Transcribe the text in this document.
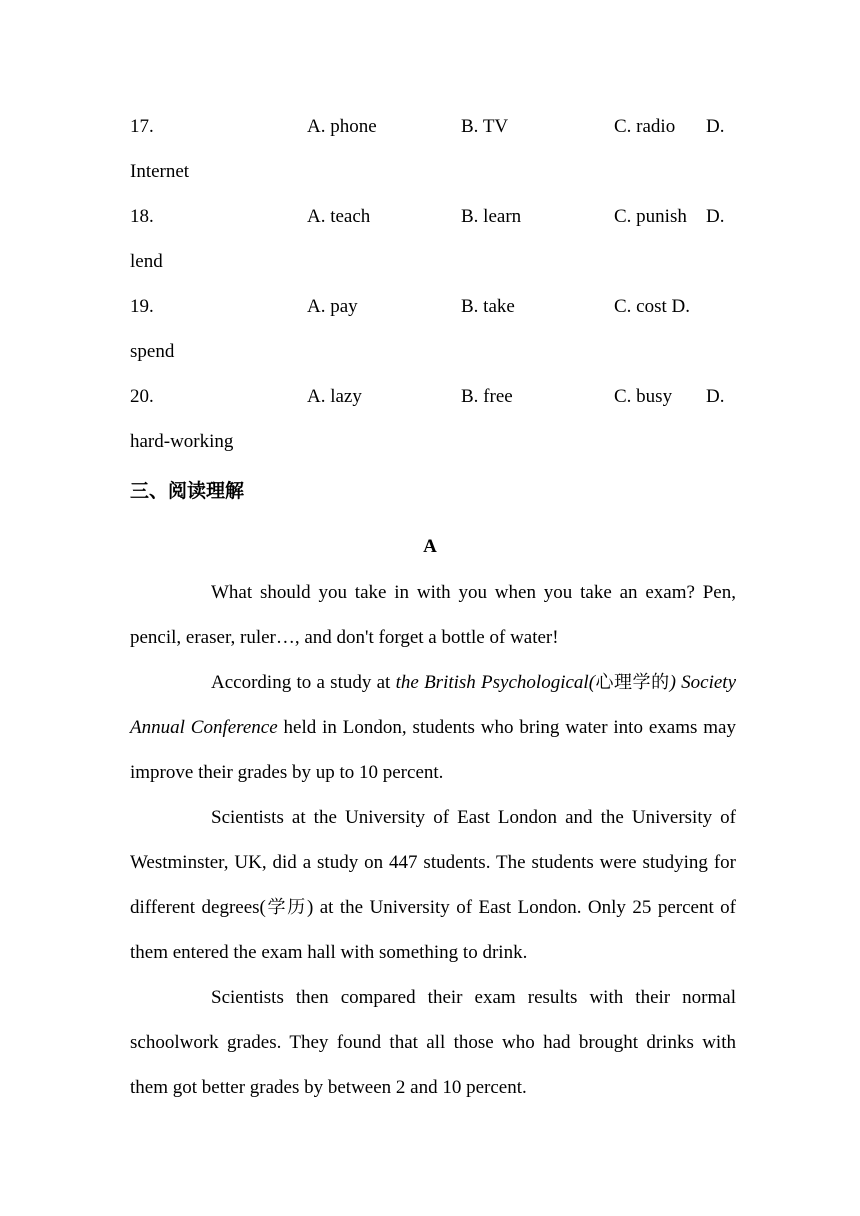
17.	A. phone	B. TV	C. radio D.
Internet
18.	A. teach	B. learn	C. punish D.
lend
19.	A. pay	B. take	C. cost D.
spend
20.	A. lazy	B. free	C. busy D.
hard-working
三、阅读理解
A

What should you take in with you when you take an exam? Pen, pencil, eraser, ruler…, and don't forget a bottle of water!

According to a study at the British Psychological(心理学的) Society Annual Conference held in London, students who bring water into exams may improve their grades by up to 10 percent.

Scientists at the University of East London and the University of Westminster, UK, did a study on 447 students. The students were studying for different degrees(学历) at the University of East London. Only 25 percent of them entered the exam hall with something to drink.

Scientists then compared their exam results with their normal schoolwork grades. They found that all those who had brought drinks with them got better grades by between 2 and 10 percent.
